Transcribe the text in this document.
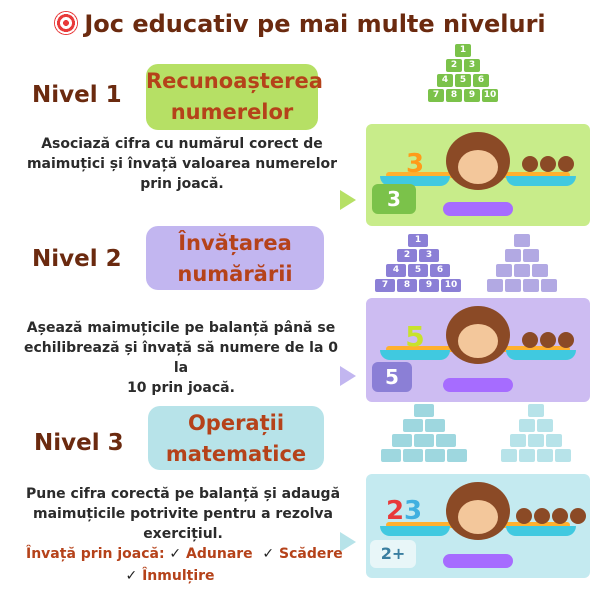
Joc educativ pe mai multe niveluri
Nivel 1
Recunoașterea
numerelor
Asociază cifra cu numărul corect de
maimuțici și învață valoarea numerelor
prin joacă.
1
2	3
4	5	6
7	8	9 10
3
3
Nivel 2
Învățarea
numărării
Așează maimuțicile pe balanță până se
echilibrează și învață să numere de la 0 la
10 prin joacă.
1
2	3
4	5	6
7	8	9	10
5
5
Nivel 3
Operații
matematice
Pune cifra corectă pe balanță și adaugă
maimuțicile potrivite pentru a rezolva
exercițiul.
2 3
2+
Învață prin joacă: ✓ Adunare ✓ Scădere
✓ Înmulțire
